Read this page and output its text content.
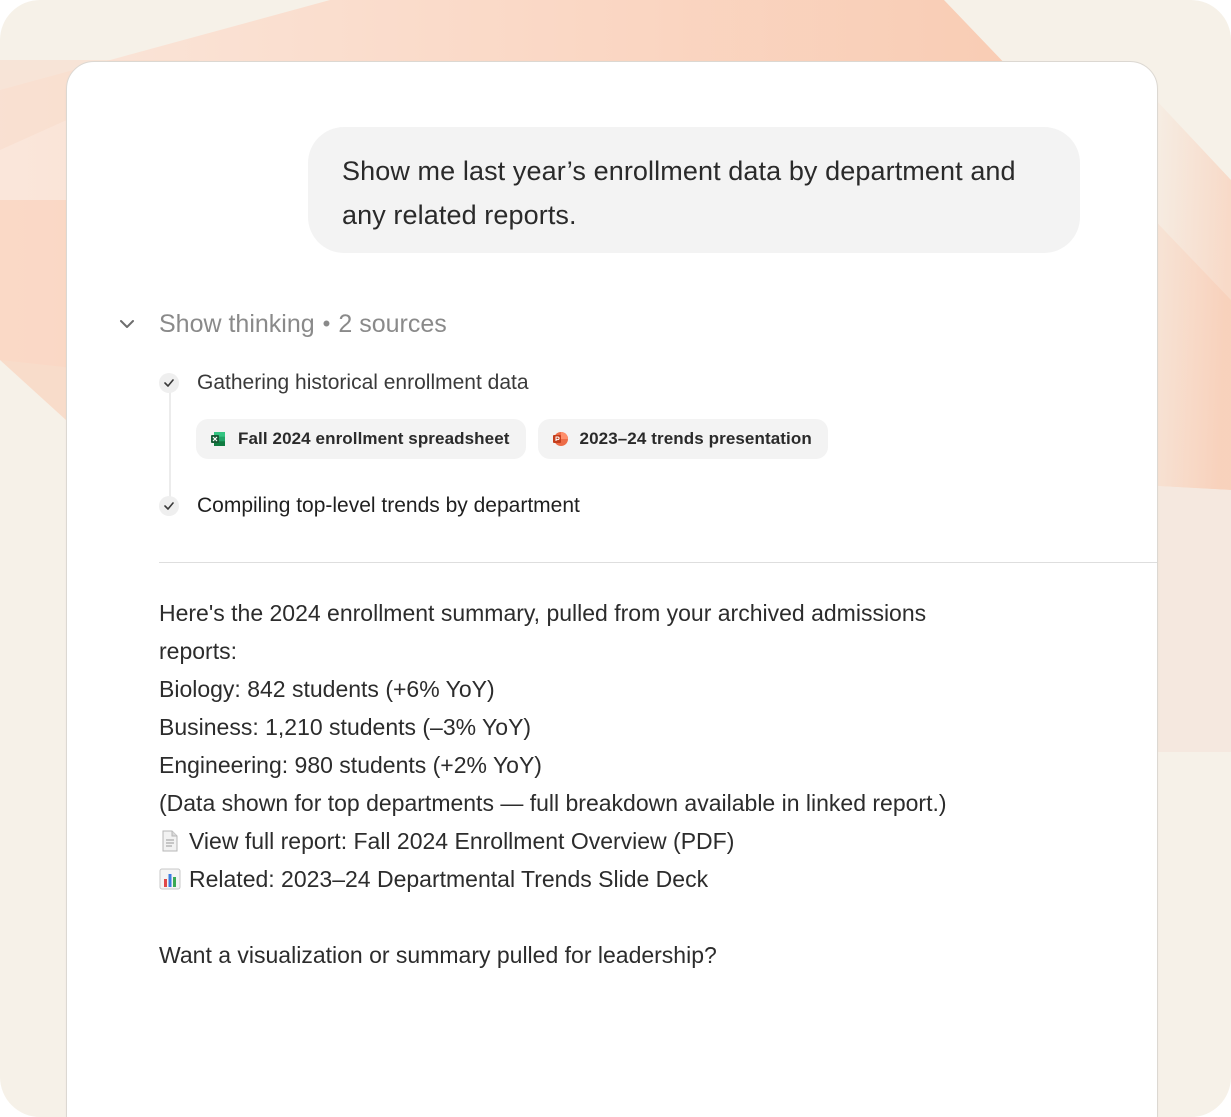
Show me last year’s enrollment data by department and
any related reports.
Show thinking • 2 sources
Gathering historical enrollment data
Fall 2024 enrollment spreadsheet	2023–24 trends presentation
Compiling top-level trends by department
Here's the 2024 enrollment summary, pulled from your archived admissions
reports:
Biology: 842 students (+6% YoY)
Business: 1,210 students (–3% YoY)
Engineering: 980 students (+2% YoY)
(Data shown for top departments — full breakdown available in linked report.)
View full report: Fall 2024 Enrollment Overview (PDF)
Related: 2023–24 Departmental Trends Slide Deck
Want a visualization or summary pulled for leadership?
